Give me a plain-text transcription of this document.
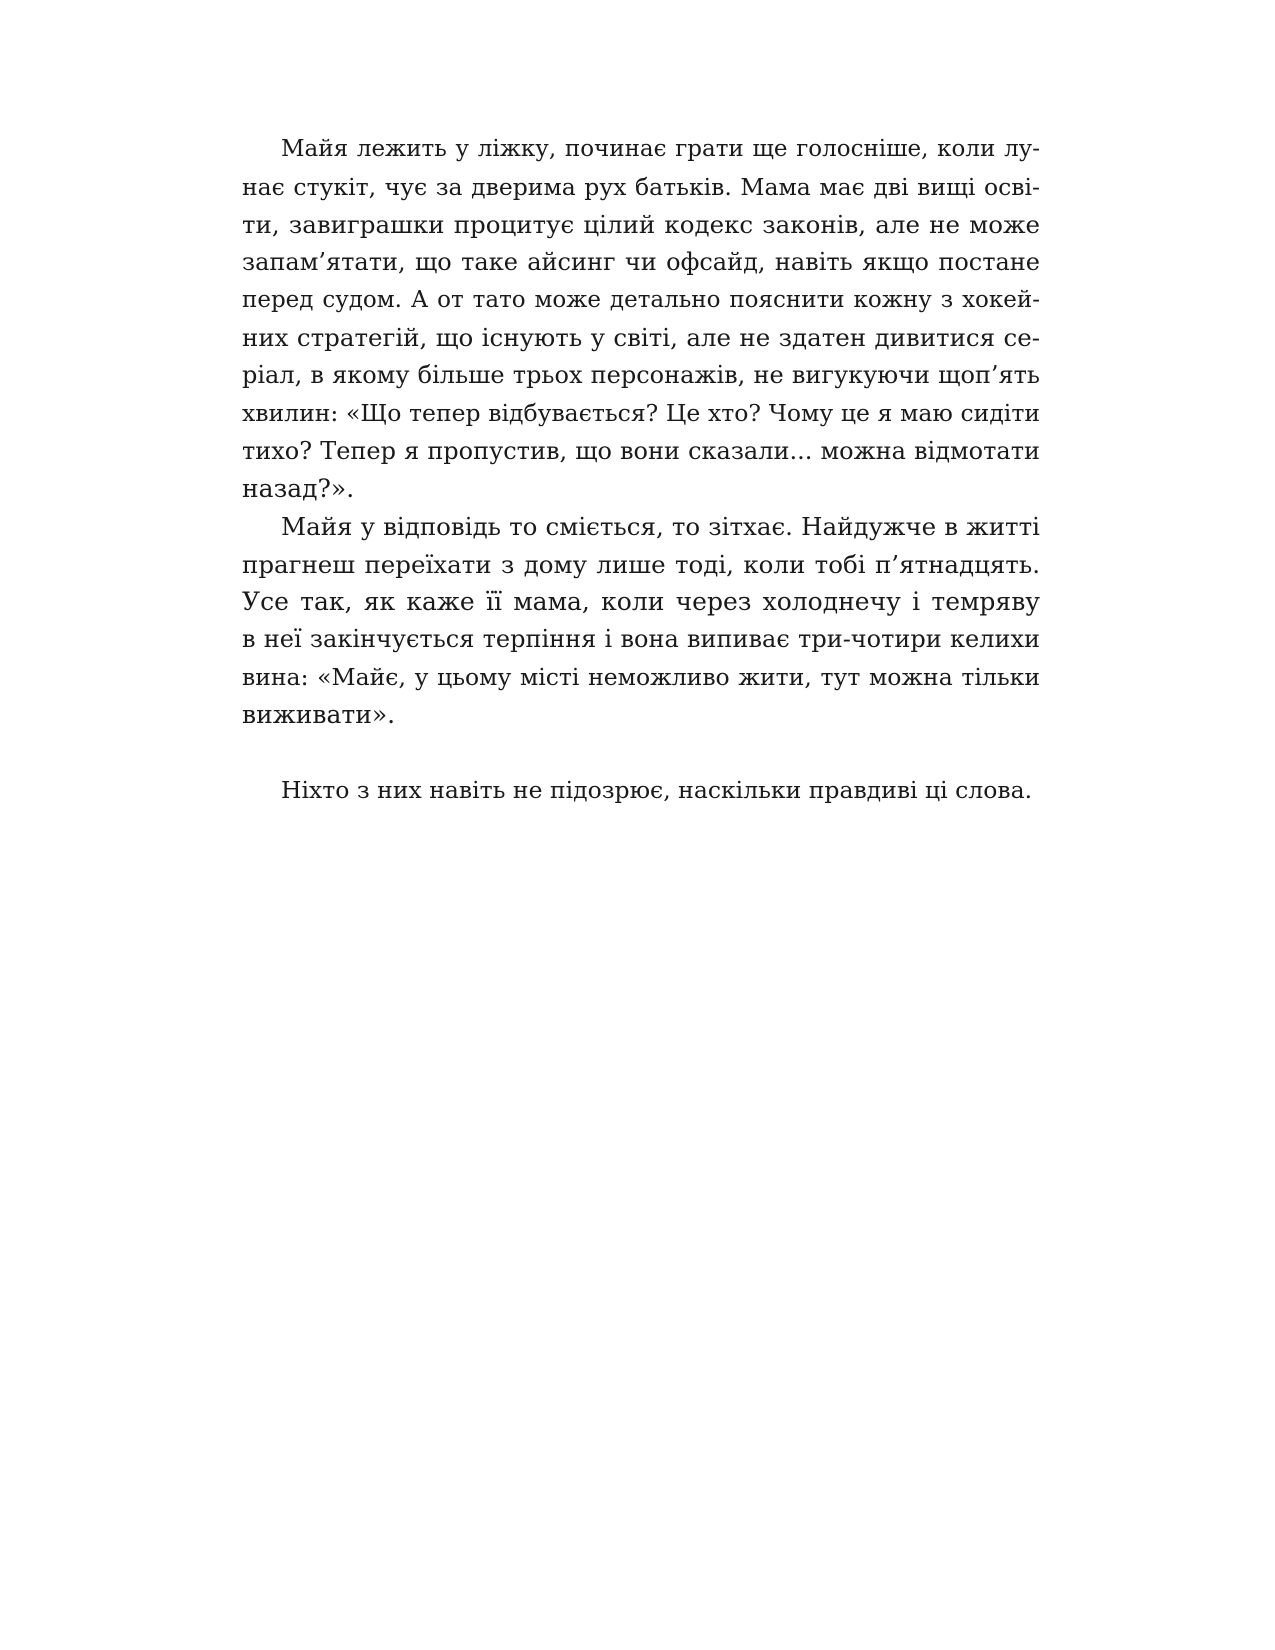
Майя лежить у ліжку, починає грати ще голосніше, коли лу-
нає стукіт, чує за дверима рух батьків. Мама має дві вищі осві-
ти, завиграшки процитує цілий кодекс законів, але не може
запам’ятати, що таке айсинг чи офсайд, навіть якщо постане
перед судом. А от тато може детально пояснити кожну з хокей-
них стратегій, що існують у світі, але не здатен дивитися се-
ріал, в якому більше трьох персонажів, не вигукуючи щоп’ять
хвилин: «Що тепер відбувається? Це хто? Чому це я маю сидіти
тихо? Тепер я пропустив, що вони сказали... можна відмотати
назад?».
Майя у відповідь то сміється, то зітхає. Найдужче в житті
прагнеш переїхати з дому лише тоді, коли тобі п’ятнадцять.
Усе так, як каже її мама, коли через холоднечу і темряву
в неї закінчується терпіння і вона випиває три-чотири келихи
вина: «Майє, у цьому місті неможливо жити, тут можна тільки
виживати».
Ніхто з них навіть не підозрює, наскільки правдиві ці слова.
